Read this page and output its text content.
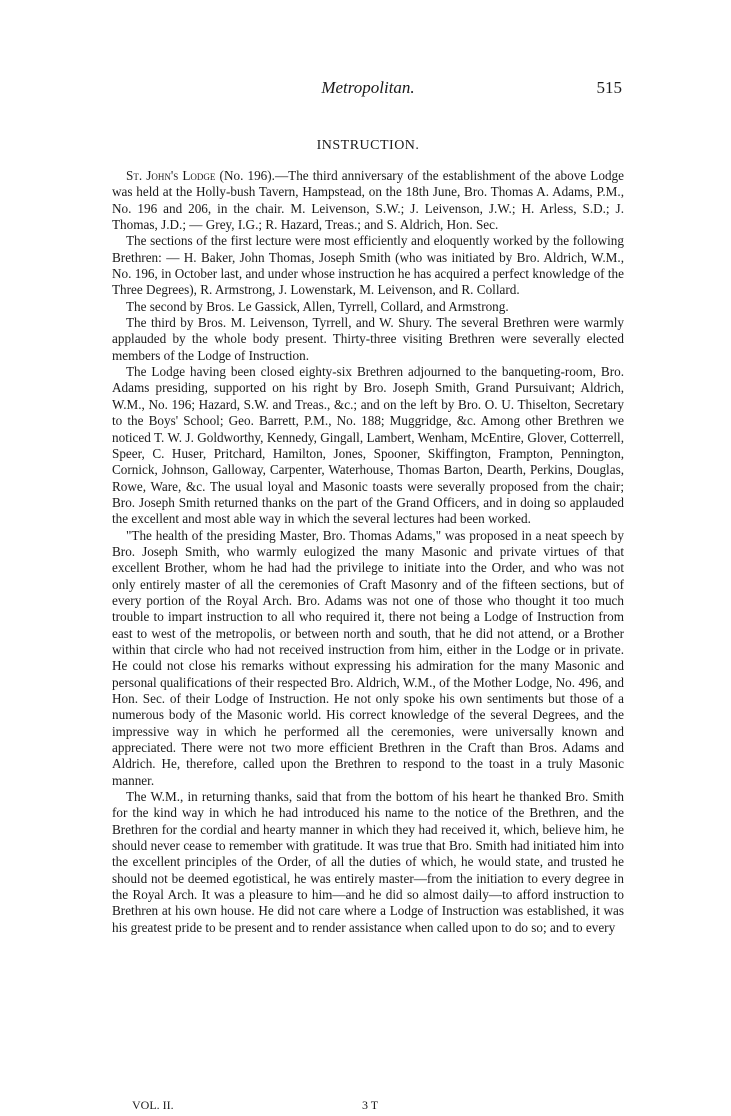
Metropolitan.	515
INSTRUCTION.

St. John's Lodge (No. 196).—The third anniversary of the establishment of the above Lodge was held at the Holly-bush Tavern, Hampstead, on the 18th June, Bro. Thomas A. Adams, P.M., No. 196 and 206, in the chair. M. Leivenson, S.W.; J. Leivenson, J.W.; H. Arless, S.D.; J. Thomas, J.D.; — Grey, I.G.; R. Hazard, Treas.; and S. Aldrich, Hon. Sec.

The sections of the first lecture were most efficiently and eloquently worked by the following Brethren: — H. Baker, John Thomas, Joseph Smith (who was initiated by Bro. Aldrich, W.M., No. 196, in October last, and under whose instruction he has acquired a perfect knowledge of the Three Degrees), R. Armstrong, J. Lowenstark, M. Leivenson, and R. Collard.

The second by Bros. Le Gassick, Allen, Tyrrell, Collard, and Armstrong.

The third by Bros. M. Leivenson, Tyrrell, and W. Shury. The several Brethren were warmly applauded by the whole body present. Thirty-three visiting Brethren were severally elected members of the Lodge of Instruction.

The Lodge having been closed eighty-six Brethren adjourned to the banqueting-room, Bro. Adams presiding, supported on his right by Bro. Joseph Smith, Grand Pursuivant; Aldrich, W.M., No. 196; Hazard, S.W. and Treas., &c.; and on the left by Bro. O. U. Thiselton, Secretary to the Boys' School; Geo. Barrett, P.M., No. 188; Muggridge, &c. Among other Brethren we noticed T. W. J. Goldworthy, Kennedy, Gingall, Lambert, Wenham, McEntire, Glover, Cotterrell, Speer, C. Huser, Pritchard, Hamilton, Jones, Spooner, Skiffington, Frampton, Pennington, Cornick, Johnson, Galloway, Carpenter, Waterhouse, Thomas Barton, Dearth, Perkins, Douglas, Rowe, Ware, &c. The usual loyal and Masonic toasts were severally proposed from the chair; Bro. Joseph Smith returned thanks on the part of the Grand Officers, and in doing so applauded the excellent and most able way in which the several lectures had been worked.

"The health of the presiding Master, Bro. Thomas Adams," was proposed in a neat speech by Bro. Joseph Smith, who warmly eulogized the many Masonic and private virtues of that excellent Brother, whom he had had the privilege to initiate into the Order, and who was not only entirely master of all the ceremonies of Craft Masonry and of the fifteen sections, but of every portion of the Royal Arch. Bro. Adams was not one of those who thought it too much trouble to impart instruction to all who required it, there not being a Lodge of Instruction from east to west of the metropolis, or between north and south, that he did not attend, or a Brother within that circle who had not received instruction from him, either in the Lodge or in private. He could not close his remarks without expressing his admiration for the many Masonic and personal qualifications of their respected Bro. Aldrich, W.M., of the Mother Lodge, No. 496, and Hon. Sec. of their Lodge of Instruction. He not only spoke his own sentiments but those of a numerous body of the Masonic world. His correct knowledge of the several Degrees, and the impressive way in which he performed all the ceremonies, were universally known and appreciated. There were not two more efficient Brethren in the Craft than Bros. Adams and Aldrich. He, therefore, called upon the Brethren to respond to the toast in a truly Masonic manner.

The W.M., in returning thanks, said that from the bottom of his heart he thanked Bro. Smith for the kind way in which he had introduced his name to the notice of the Brethren, and the Brethren for the cordial and hearty manner in which they had received it, which, believe him, he should never cease to remember with gratitude. It was true that Bro. Smith had initiated him into the excellent principles of the Order, of all the duties of which, he would state, and trusted he should not be deemed egotistical, he was entirely master—from the initiation to every degree in the Royal Arch. It was a pleasure to him—and he did so almost daily—to afford instruction to Brethren at his own house. He did not care where a Lodge of Instruction was established, it was his greatest pride to be present and to render assistance when called upon to do so; and to every

VOL. II.	3 T
